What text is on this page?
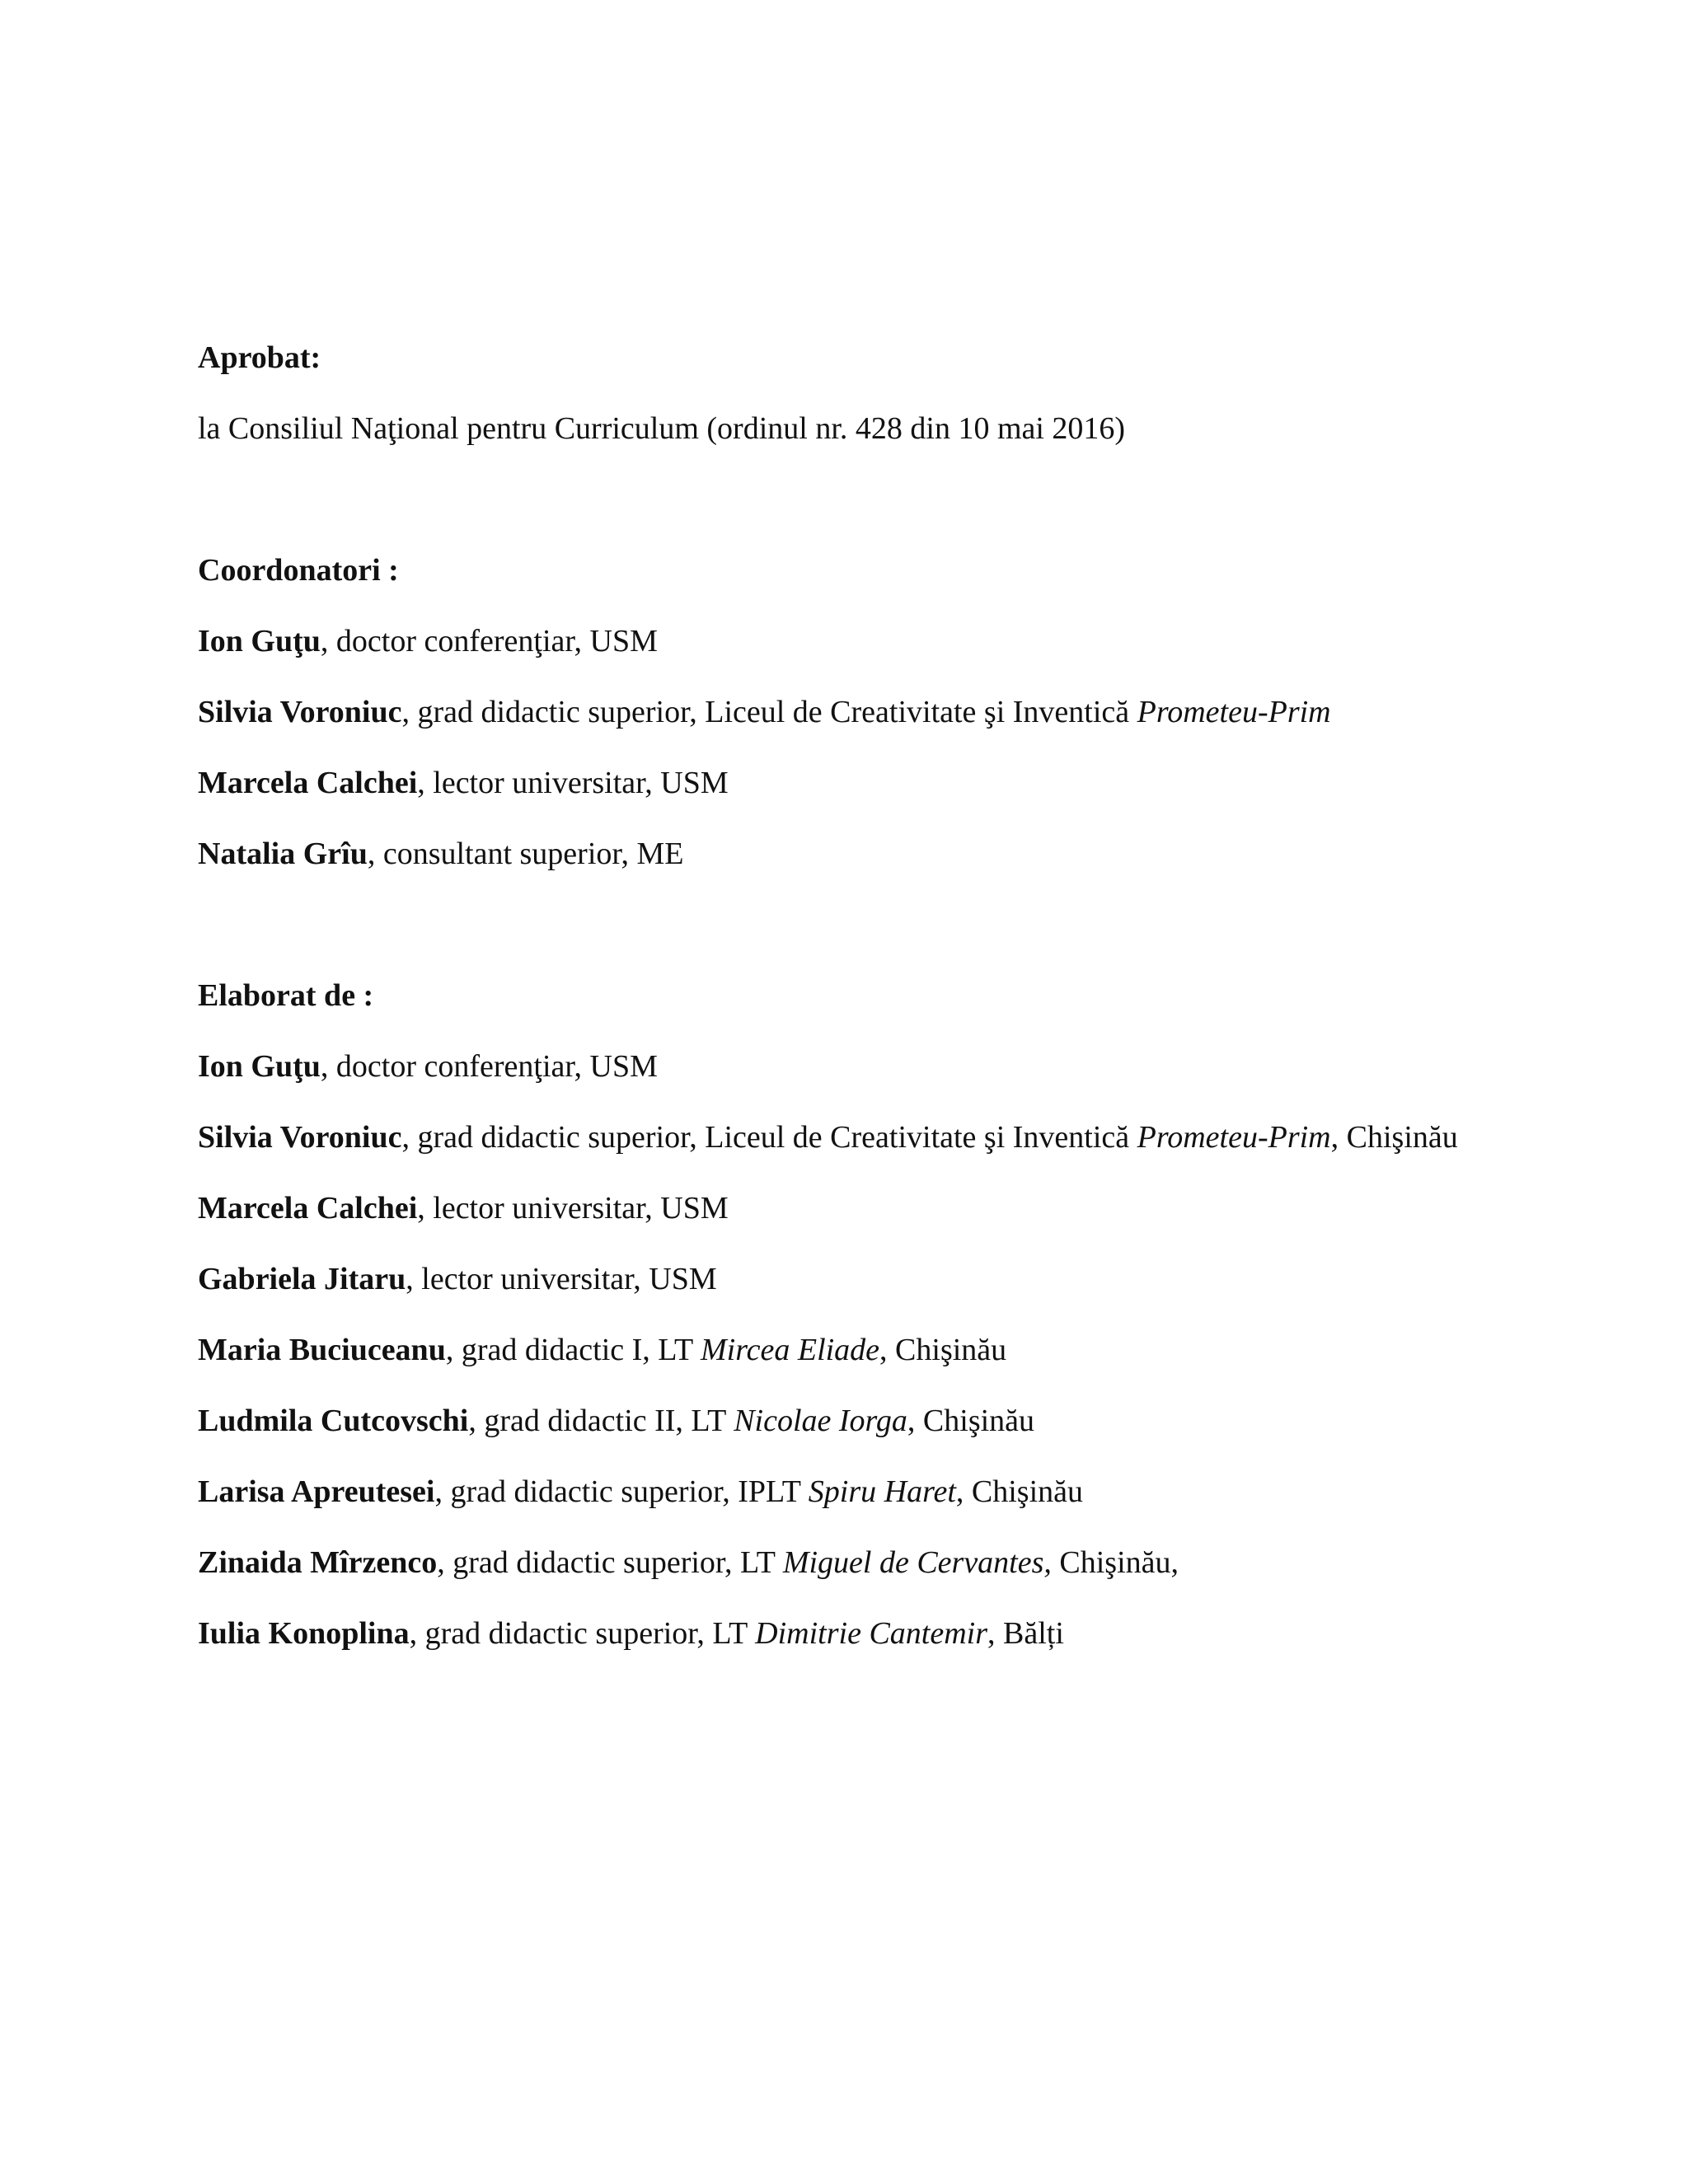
Aprobat:

la Consiliul Naţional pentru Curriculum (ordinul nr. 428 din 10 mai 2016)

Coordonatori :

Ion Guţu, doctor conferenţiar, USM

Silvia Voroniuc, grad didactic superior, Liceul de Creativitate şi Inventică Prometeu-Prim

Marcela Calchei, lector universitar, USM

Natalia Grîu, consultant superior, ME

Elaborat de :

Ion Guţu, doctor conferenţiar, USM

Silvia Voroniuc, grad didactic superior, Liceul de Creativitate şi Inventică Prometeu-Prim, Chişinău

Marcela Calchei, lector universitar, USM

Gabriela Jitaru, lector universitar, USM

Maria Buciuceanu, grad didactic I, LT Mircea Eliade, Chişinău

Ludmila Cutcovschi, grad didactic II, LT Nicolae Iorga, Chişinău

Larisa Apreutesei, grad didactic superior, IPLT Spiru Haret, Chişinău

Zinaida Mîrzenco, grad didactic superior, LT Miguel de Cervantes, Chişinău,

Iulia Konoplina, grad didactic superior, LT Dimitrie Cantemir, Bălți
